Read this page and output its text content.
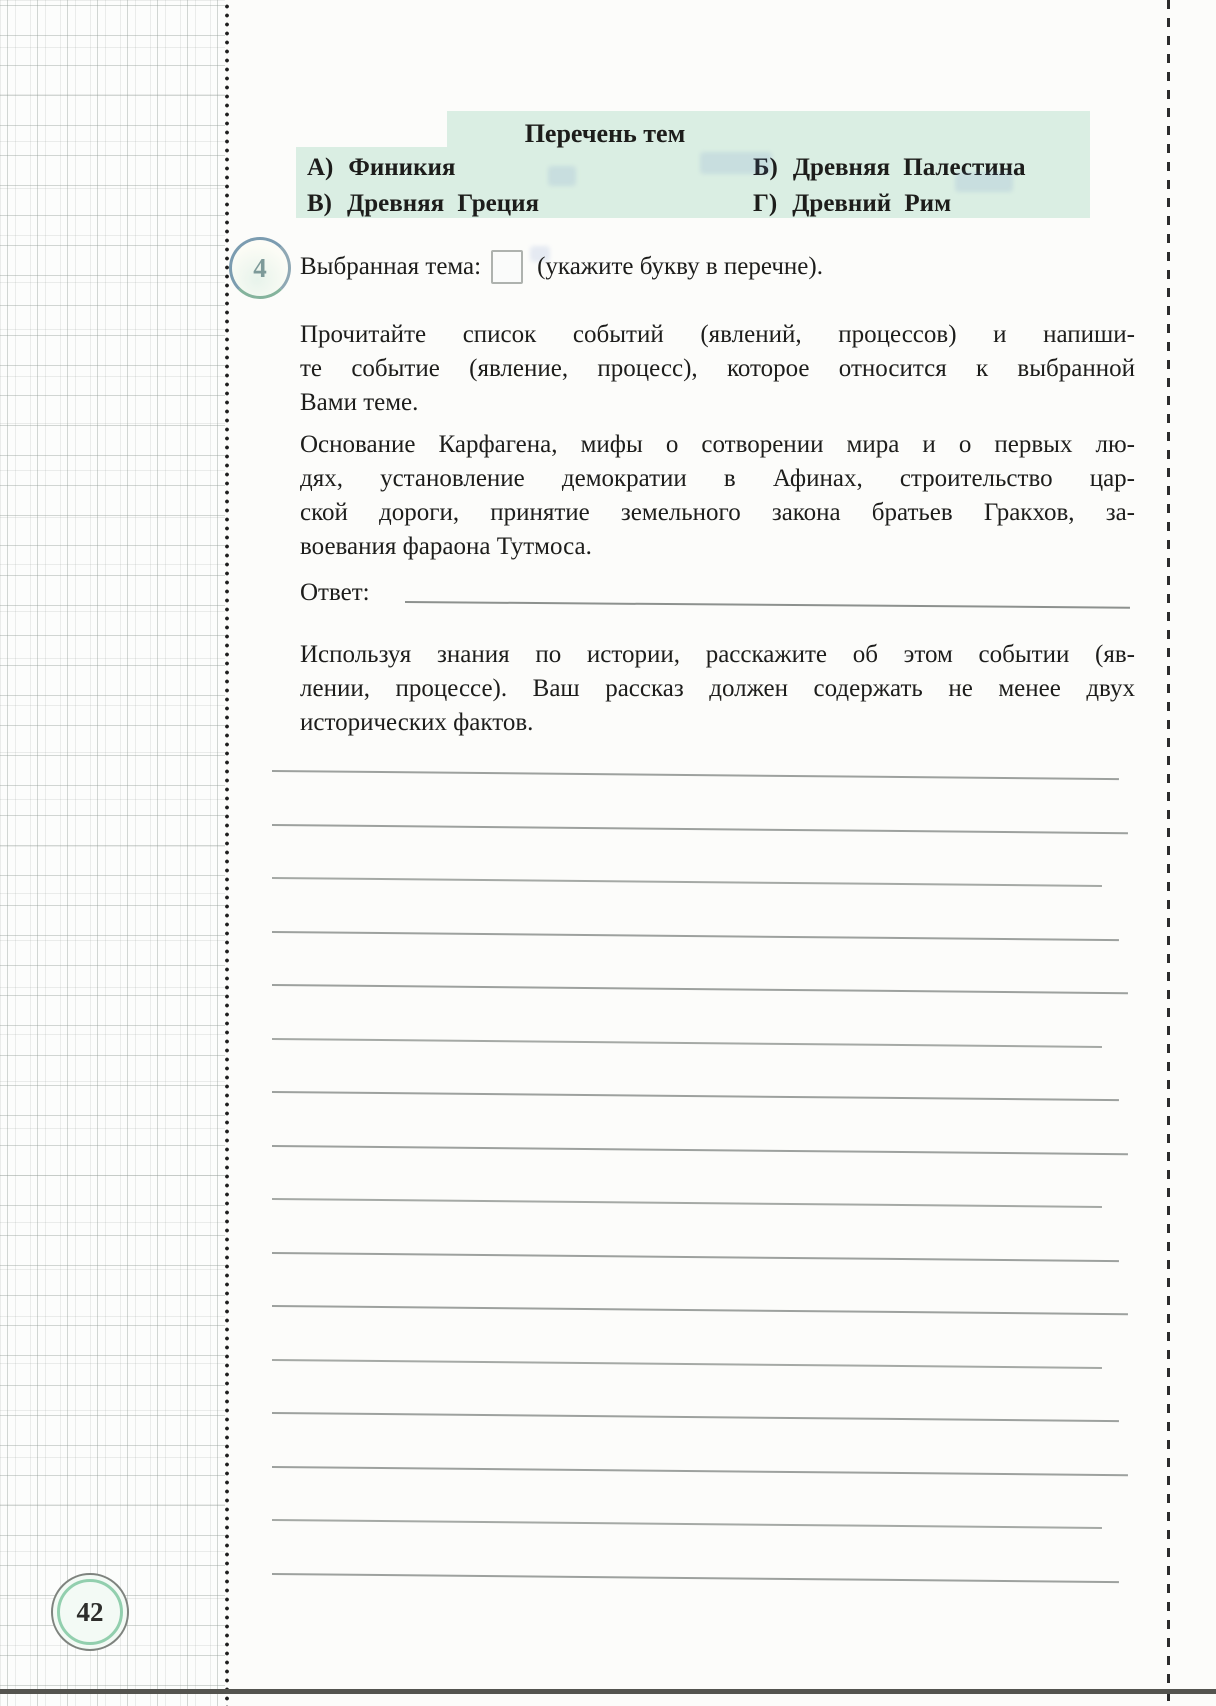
Перечень тем
А) Финикия	Б) Древняя Палестина
В) Древняя Греция	Г) Древний Рим
4 Выбранная тема: (укажите букву в перечне).
Прочитайте список событий (явлений, процессов) и напиши-
те событие (явление, процесс), которое относится к выбранной
Вами теме.
Основание Карфагена, мифы о сотворении мира и о первых лю-
дях, установление демократии в Афинах, строительство цар-
ской дороги, принятие земельного закона братьев Гракхов, за-
воевания фараона Тутмоса.
Ответ:
Используя знания по истории, расскажите об этом событии (яв-
лении, процессе). Ваш рассказ должен содержать не менее двух
исторических фактов.
42
